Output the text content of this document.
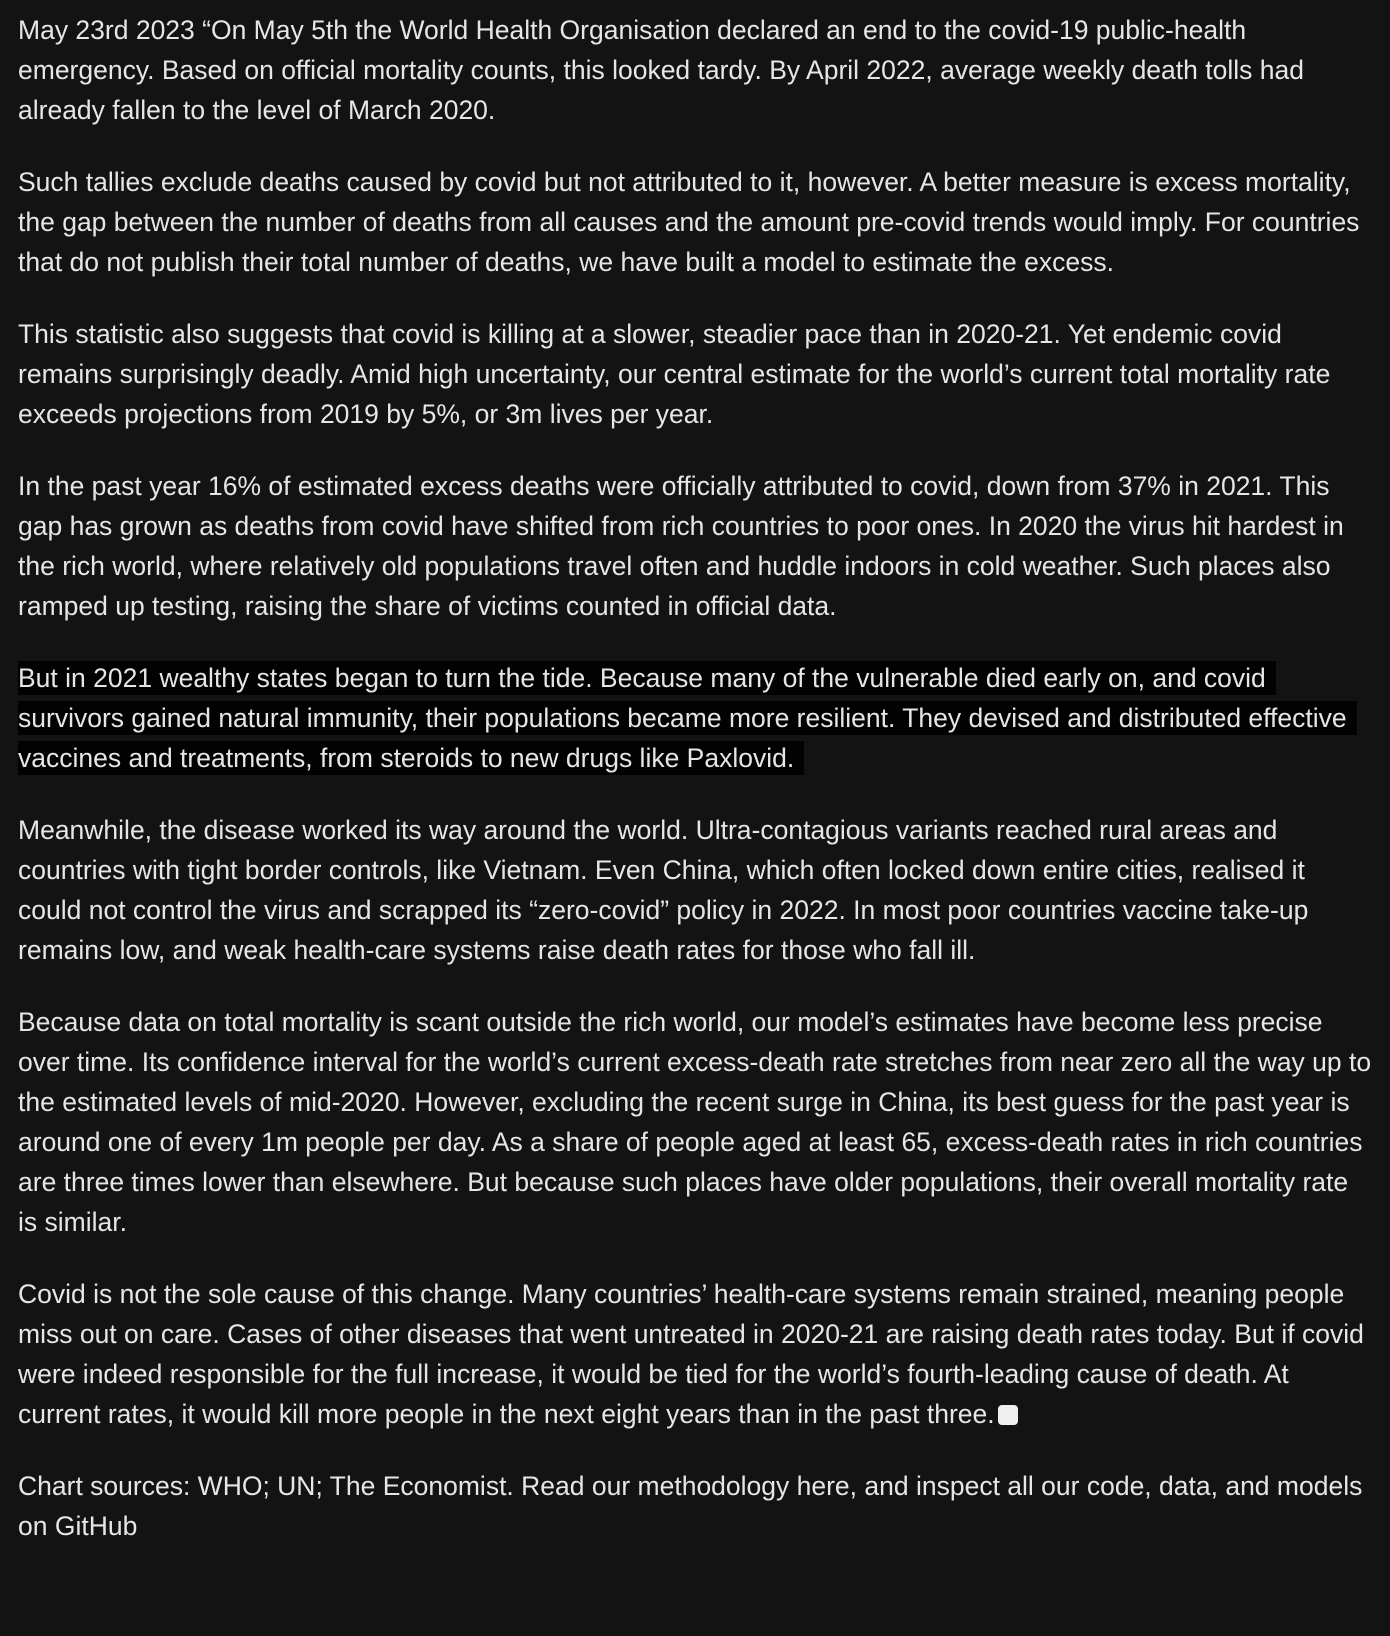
May 23rd 2023 “On May 5th the World Health Organisation declared an end to the covid-19 public-health emergency. Based on official mortality counts, this looked tardy. By April 2022, average weekly death tolls had already fallen to the level of March 2020.

Such tallies exclude deaths caused by covid but not attributed to it, however. A better measure is excess mortality, the gap between the number of deaths from all causes and the amount pre-covid trends would imply. For countries that do not publish their total number of deaths, we have built a model to estimate the excess.

This statistic also suggests that covid is killing at a slower, steadier pace than in 2020-21. Yet endemic covid remains surprisingly deadly. Amid high uncertainty, our central estimate for the world’s current total mortality rate exceeds projections from 2019 by 5%, or 3m lives per year.

In the past year 16% of estimated excess deaths were officially attributed to covid, down from 37% in 2021. This gap has grown as deaths from covid have shifted from rich countries to poor ones. In 2020 the virus hit hardest in the rich world, where relatively old populations travel often and huddle indoors in cold weather. Such places also ramped up testing, raising the share of victims counted in official data.

But in 2021 wealthy states began to turn the tide. Because many of the vulnerable died early on, and covid survivors gained natural immunity, their populations became more resilient. They devised and distributed effective vaccines and treatments, from steroids to new drugs like Paxlovid.

Meanwhile, the disease worked its way around the world. Ultra-contagious variants reached rural areas and countries with tight border controls, like Vietnam. Even China, which often locked down entire cities, realised it could not control the virus and scrapped its “zero-covid” policy in 2022. In most poor countries vaccine take-up remains low, and weak health-care systems raise death rates for those who fall ill.

Because data on total mortality is scant outside the rich world, our model’s estimates have become less precise over time. Its confidence interval for the world’s current excess-death rate stretches from near zero all the way up to the estimated levels of mid-2020. However, excluding the recent surge in China, its best guess for the past year is around one of every 1m people per day. As a share of people aged at least 65, excess-death rates in rich countries are three times lower than elsewhere. But because such places have older populations, their overall mortality rate is similar.

Covid is not the sole cause of this change. Many countries’ health-care systems remain strained, meaning people miss out on care. Cases of other diseases that went untreated in 2020-21 are raising death rates today. But if covid were indeed responsible for the full increase, it would be tied for the world’s fourth-leading cause of death. At current rates, it would kill more people in the next eight years than in the past three.

Chart sources: WHO; UN; The Economist. Read our methodology here, and inspect all our code, data, and models on GitHub
